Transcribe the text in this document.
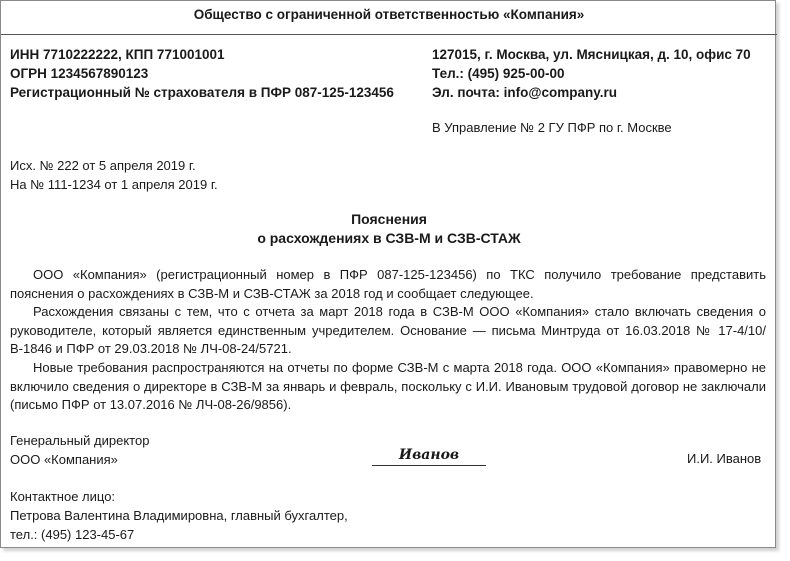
Общество с ограниченной ответственностью «Компания»
ИНН 7710222222, КПП 771001001
ОГРН 1234567890123
Регистрационный № страхователя в ПФР 087-125-123456
127015, г. Москва, ул. Мясницкая, д. 10, офис 70
Тел.: (495) 925-00-00
Эл. почта: info@company.ru
В Управление № 2 ГУ ПФР по г. Москве
Исх. № 222 от 5 апреля 2019 г.
На № 111-1234 от 1 апреля 2019 г.
Пояснения
о расхождениях в СЗВ-М и СЗВ-СТАЖ

ООО «Компания» (регистрационный номер в ПФР 087-125-123456) по ТКС получило требование представить пояснения о расхождениях в СЗВ-М и СЗВ-СТАЖ за 2018 год и сообщает следующее.

Расхождения связаны с тем, что с отчета за март 2018 года в СЗВ-М ООО «Компания» стало включать сведения о руководителе, который является единственным учредителем. Основание — письма Минтруда от 16.03.2018 № 17-4/10/В-1846 и ПФР от 29.03.2018 № ЛЧ-08-24/5721.

Новые требования распространяются на отчеты по форме СЗВ-М с марта 2018 года. ООО «Компания» правомерно не включило сведения о директоре в СЗВ-М за январь и февраль, поскольку с И.И. Ивановым трудовой договор не заключали (письмо ПФР от 13.07.2016 № ЛЧ-08-26/9856).

Генеральный директор
ООО «Компания»	Иванов	И.И. Иванов
Контактное лицо:
Петрова Валентина Владимировна, главный бухгалтер,
тел.: (495) 123-45-67
